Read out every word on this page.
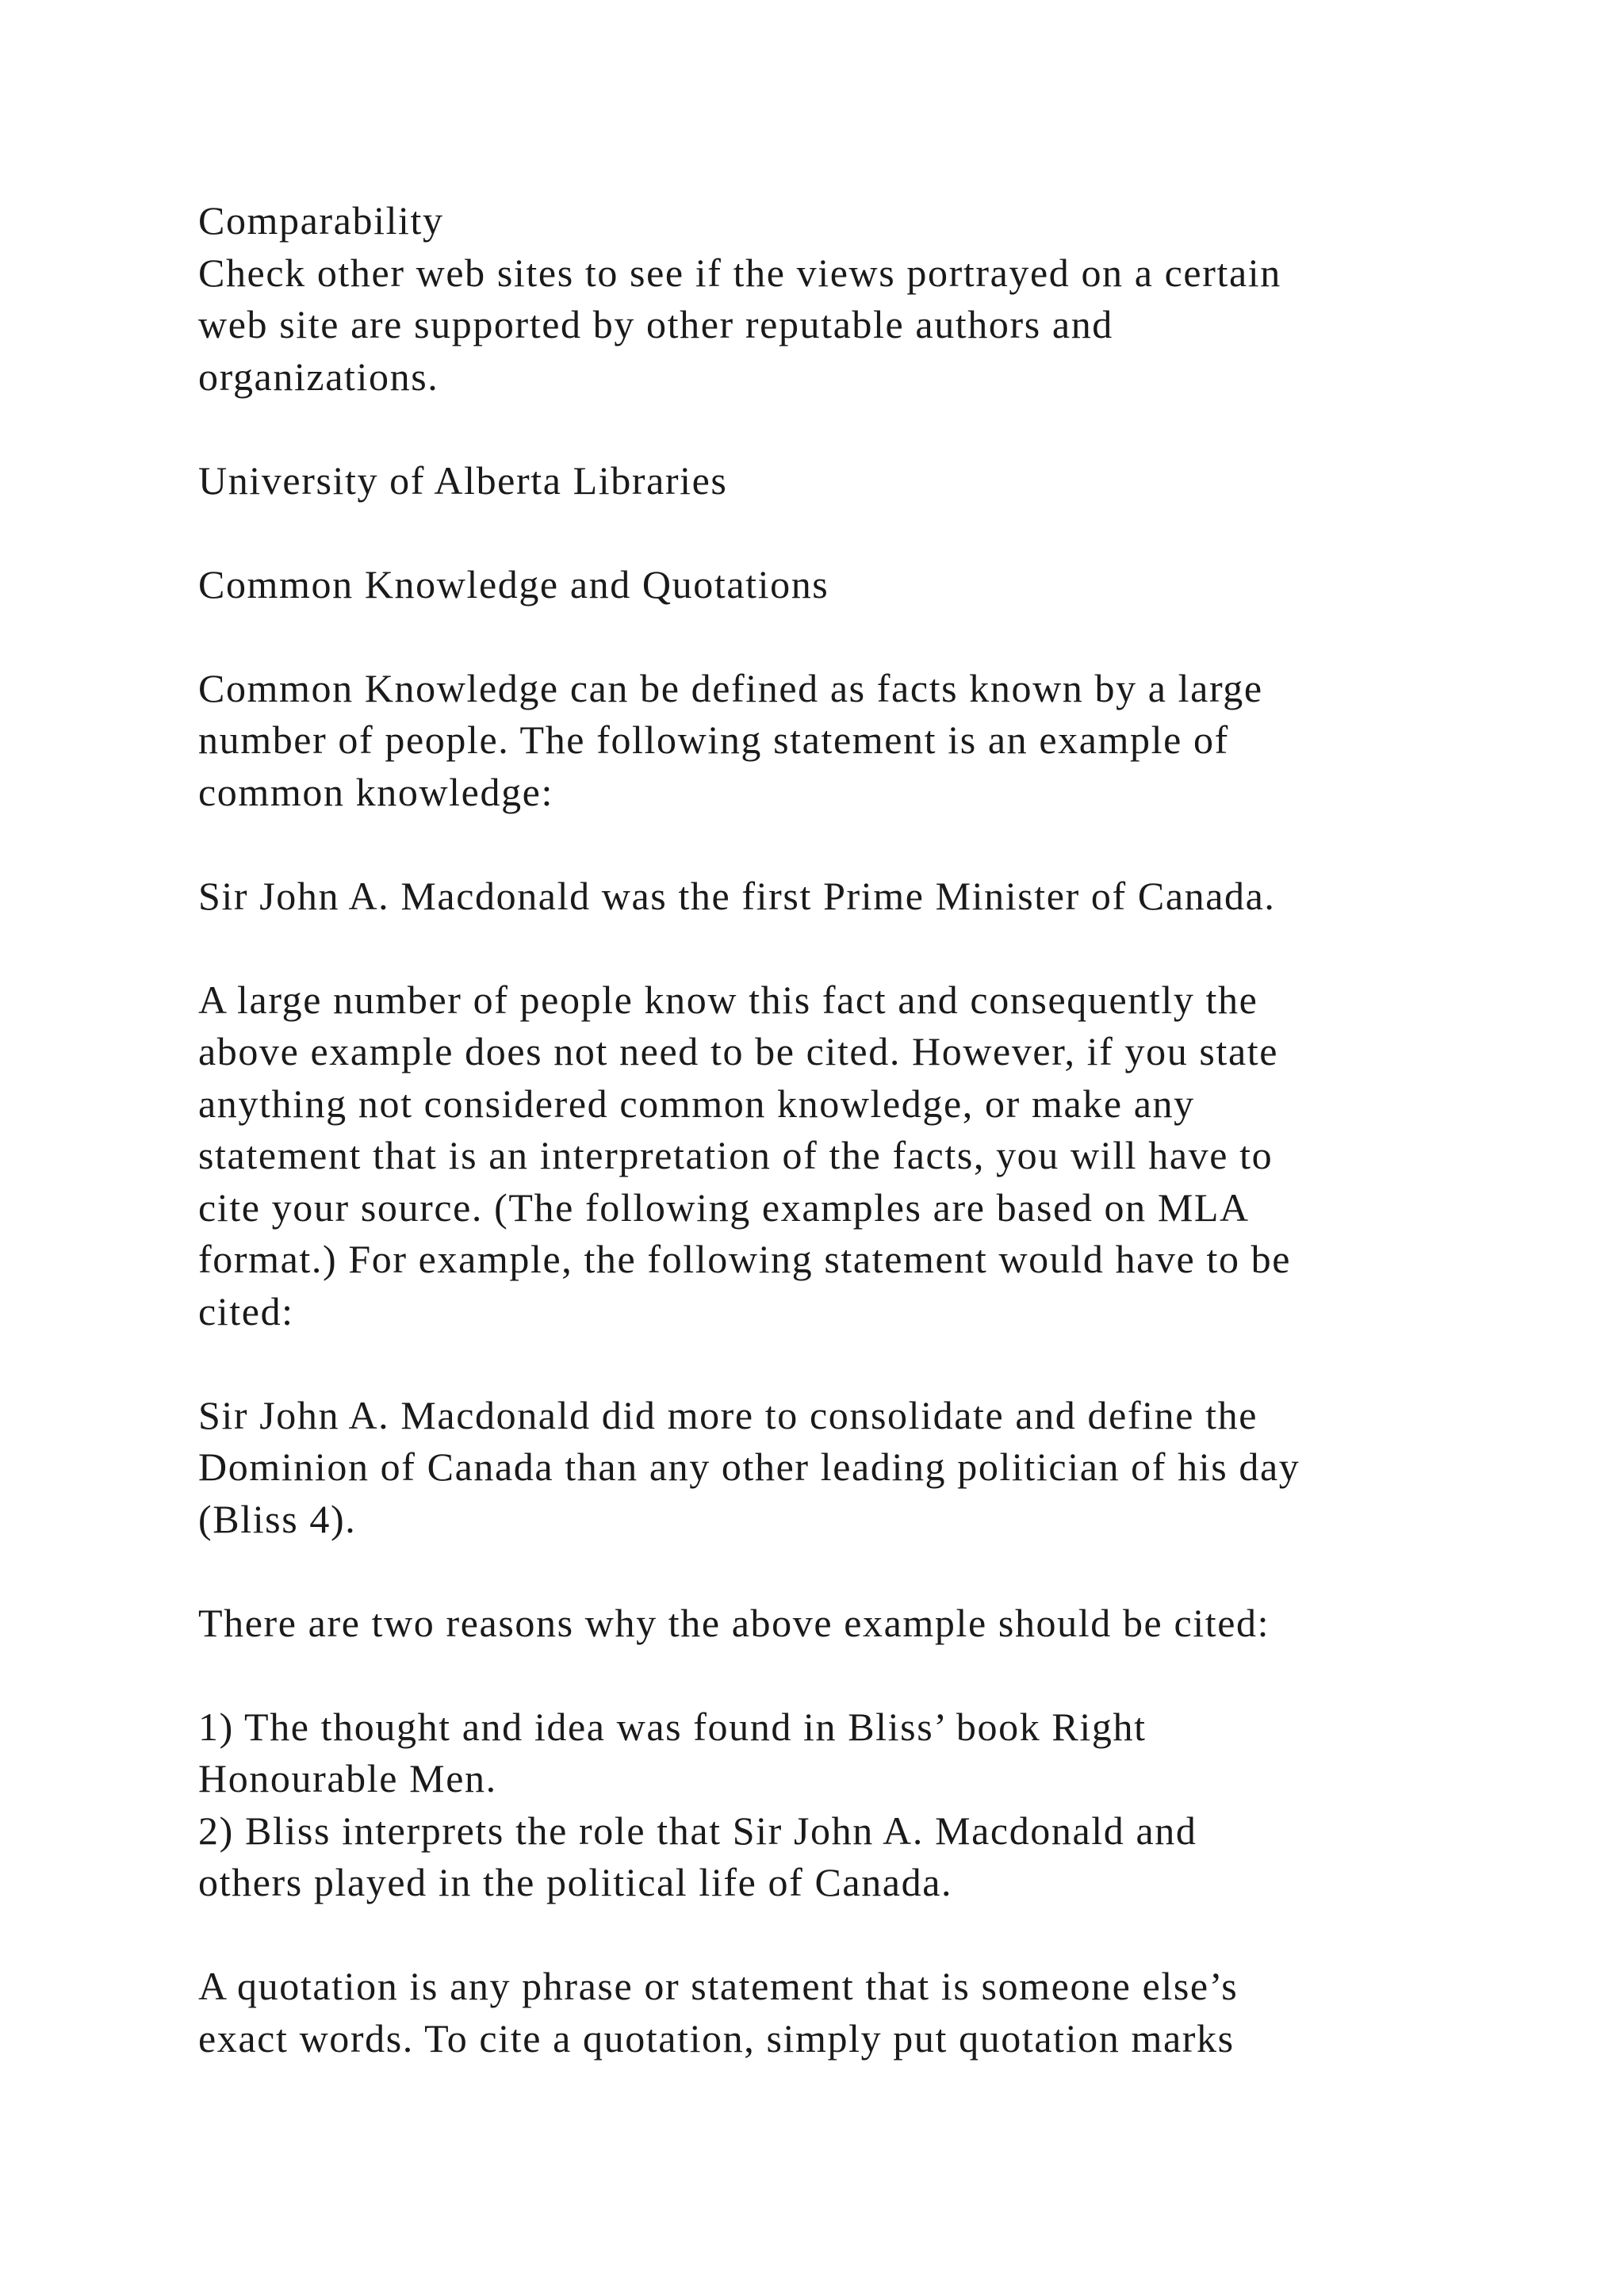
Comparability
Check other web sites to see if the views portrayed on a certain
web site are supported by other reputable authors and
organizations.
University of Alberta Libraries
Common Knowledge and Quotations
Common Knowledge can be defined as facts known by a large
number of people. The following statement is an example of
common knowledge:
Sir John A. Macdonald was the first Prime Minister of Canada.
A large number of people know this fact and consequently the
above example does not need to be cited. However, if you state
anything not considered common knowledge, or make any
statement that is an interpretation of the facts, you will have to
cite your source. (The following examples are based on MLA
format.) For example, the following statement would have to be
cited:
Sir John A. Macdonald did more to consolidate and define the
Dominion of Canada than any other leading politician of his day
(Bliss 4).
There are two reasons why the above example should be cited:
1) The thought and idea was found in Bliss’ book Right
Honourable Men.
2) Bliss interprets the role that Sir John A. Macdonald and
others played in the political life of Canada.
A quotation is any phrase or statement that is someone else’s
exact words. To cite a quotation, simply put quotation marks
